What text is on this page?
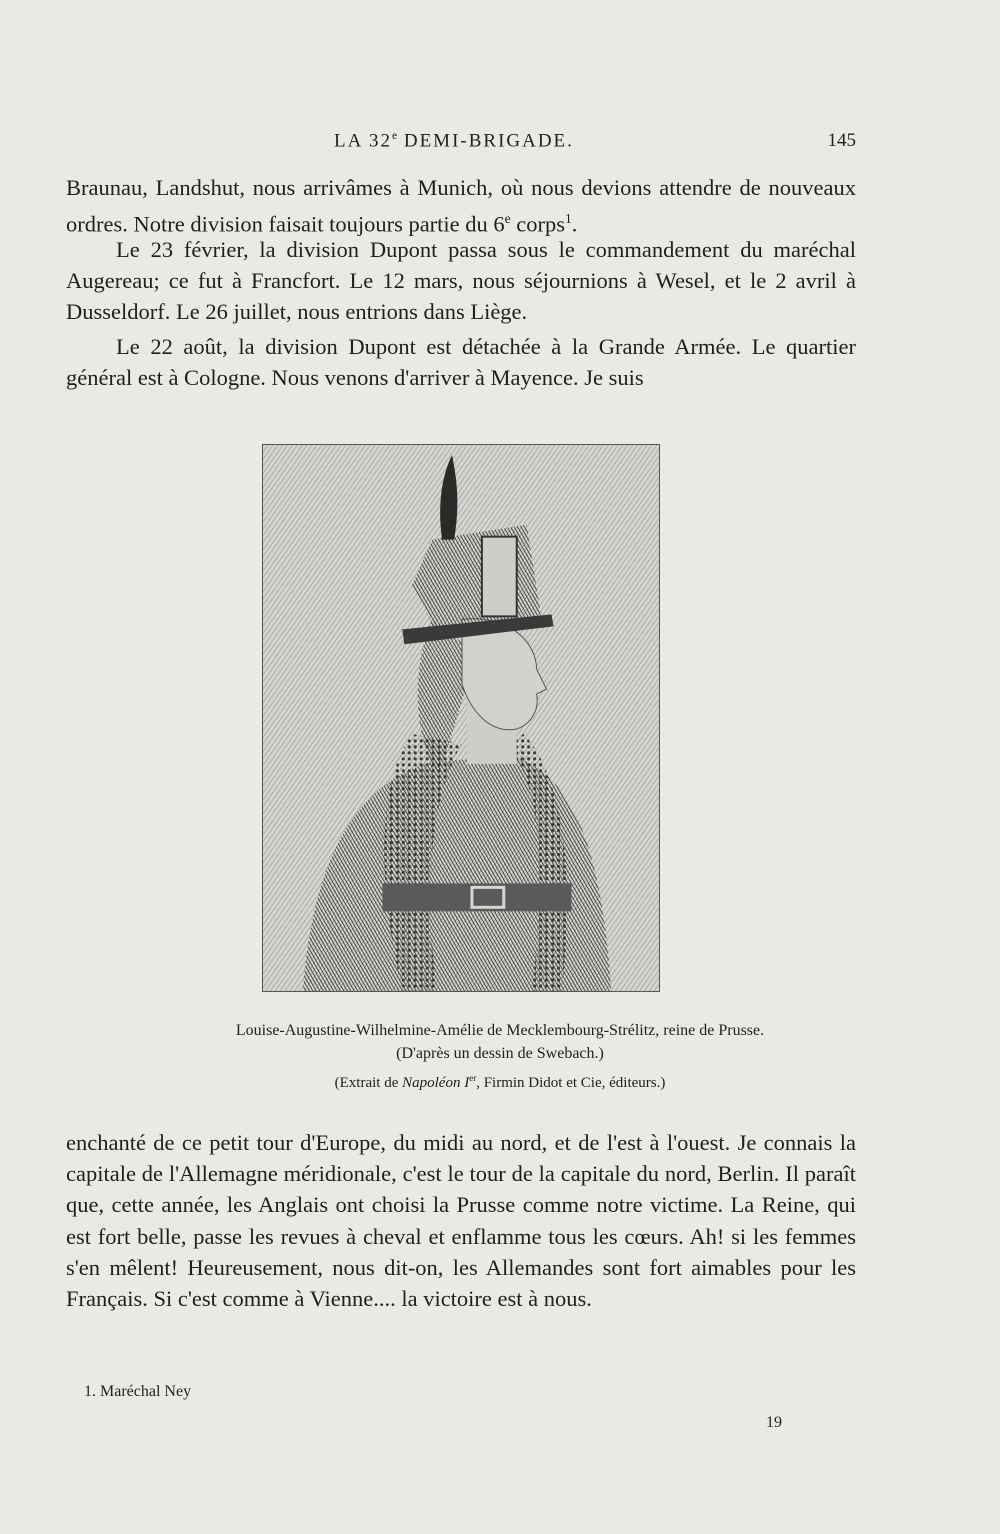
LA 32e DEMI-BRIGADE.	145
Braunau, Landshut, nous arrivâmes à Munich, où nous devions attendre de nouveaux ordres. Notre division faisait toujours partie du 6e corps$^1$.
Le 23 février, la division Dupont passa sous le commandement du maréchal Augereau; ce fut à Francfort. Le 12 mars, nous séjournions à Wesel, et le 2 avril à Dusseldorf. Le 26 juillet, nous entrions dans Liège.
Le 22 août, la division Dupont est détachée à la Grande Armée. Le quartier général est à Cologne. Nous venons d'arriver à Mayence. Je suis
Louise-Augustine-Wilhelmine-Amélie de Mecklembourg-Strélitz, reine de Prusse.
(D'après un dessin de Swebach.)
(Extrait de Napoléon Ier, Firmin Didot et Cie, éditeurs.)
enchanté de ce petit tour d'Europe, du midi au nord, et de l'est à l'ouest. Je connais la capitale de l'Allemagne méridionale, c'est le tour de la capitale du nord, Berlin. Il paraît que, cette année, les Anglais ont choisi la Prusse comme notre victime. La Reine, qui est fort belle, passe les revues à cheval et enflamme tous les cœurs. Ah! si les femmes s'en mêlent! Heureusement, nous dit-on, les Allemandes sont fort aimables pour les Français. Si c'est comme à Vienne.... la victoire est à nous.
1. Maréchal Ney
19
